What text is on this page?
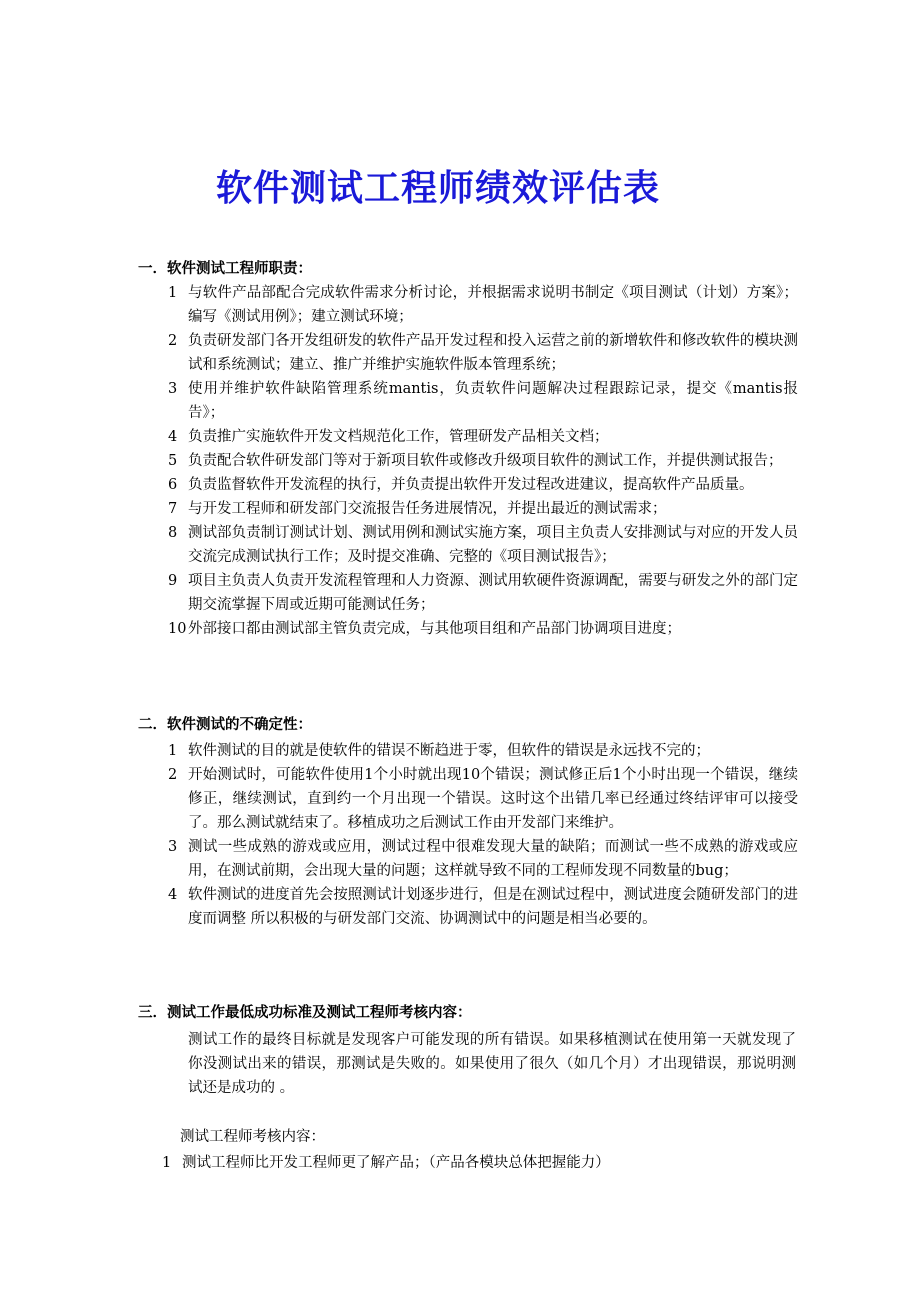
软件测试工程师绩效评估表
一．软件测试工程师职责：
1 与软件产品部配合完成软件需求分析讨论，并根据需求说明书制定《项目测试（计划）方案》；编写《测试用例》；建立测试环境；
2 负责研发部门各开发组研发的软件产品开发过程和投入运营之前的新增软件和修改软件的模块测试和系统测试；建立、推广并维护实施软件版本管理系统；
3 使用并维护软件缺陷管理系统mantis，负责软件问题解决过程跟踪记录，提交《mantis报告》；
4 负责推广实施软件开发文档规范化工作，管理研发产品相关文档；
5 负责配合软件研发部门等对于新项目软件或修改升级项目软件的测试工作，并提供测试报告；
6 负责监督软件开发流程的执行，并负责提出软件开发过程改进建议，提高软件产品质量。
7 与开发工程师和研发部门交流报告任务进展情况，并提出最近的测试需求；
8 测试部负责制订测试计划、测试用例和测试实施方案，项目主负责人安排测试与对应的开发人员交流完成测试执行工作；及时提交准确、完整的《项目测试报告》；
9 项目主负责人负责开发流程管理和人力资源、测试用软硬件资源调配，需要与研发之外的部门定期交流掌握下周或近期可能测试任务；
10 外部接口都由测试部主管负责完成，与其他项目组和产品部门协调项目进度；
二．软件测试的不确定性：
1 软件测试的目的就是使软件的错误不断趋进于零，但软件的错误是永远找不完的；
2 开始测试时，可能软件使用1个小时就出现10个错误；测试修正后1个小时出现一个错误，继续修正，继续测试，直到约一个月出现一个错误。这时这个出错几率已经通过终结评审可以接受了。那么测试就结束了。移植成功之后测试工作由开发部门来维护。
3 测试一些成熟的游戏或应用，测试过程中很难发现大量的缺陷；而测试一些不成熟的游戏或应用，在测试前期，会出现大量的问题；这样就导致不同的工程师发现不同数量的bug；
4 软件测试的进度首先会按照测试计划逐步进行，但是在测试过程中，测试进度会随研发部门的进度而调整 所以积极的与研发部门交流、协调测试中的问题是相当必要的。
三．测试工作最低成功标准及测试工程师考核内容：

测试工作的最终目标就是发现客户可能发现的所有错误。如果移植测试在使用第一天就发现了你没测试出来的错误，那测试是失败的。如果使用了很久（如几个月）才出现错误，那说明测试还是成功的 。

测试工程师考核内容：

1 测试工程师比开发工程师更了解产品；（产品各模块总体把握能力）
